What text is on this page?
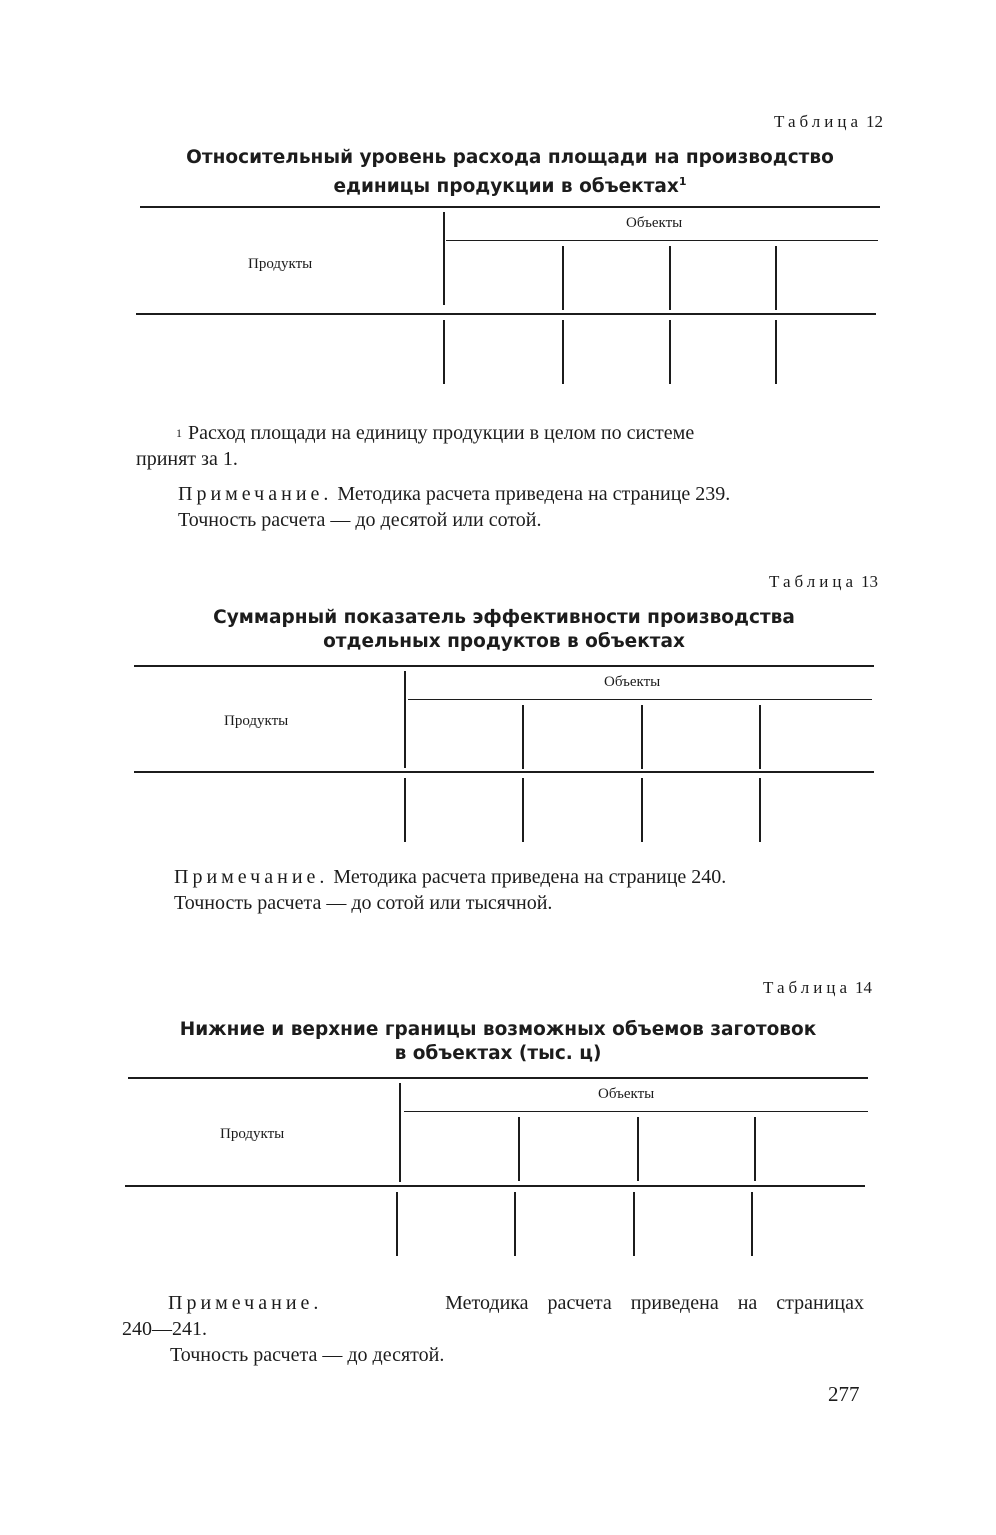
Таблица 12
Относительный уровень расхода площади на производство
единицы продукции в объектах$^1$
Продукты
Объекты
$^1$ Расход площади на единицу продукции в целом по системе
принят за 1.
Примечание. Методика расчета приведена на странице 239.
Точность расчета — до десятой или сотой.
Таблица 13
Суммарный показатель эффективности производства
отдельных продуктов в объектах
Продукты
Объекты
Примечание. Методика расчета приведена на странице 240.
Точность расчета — до сотой или тысячной.
Таблица 14
Нижние и верхние границы возможных объемов заготовок
в объектах (тыс. ц)
Продукты
Объекты
Примечание.	Методика расчета приведена на страницах
240—241.
Точность расчета — до десятой.
277
